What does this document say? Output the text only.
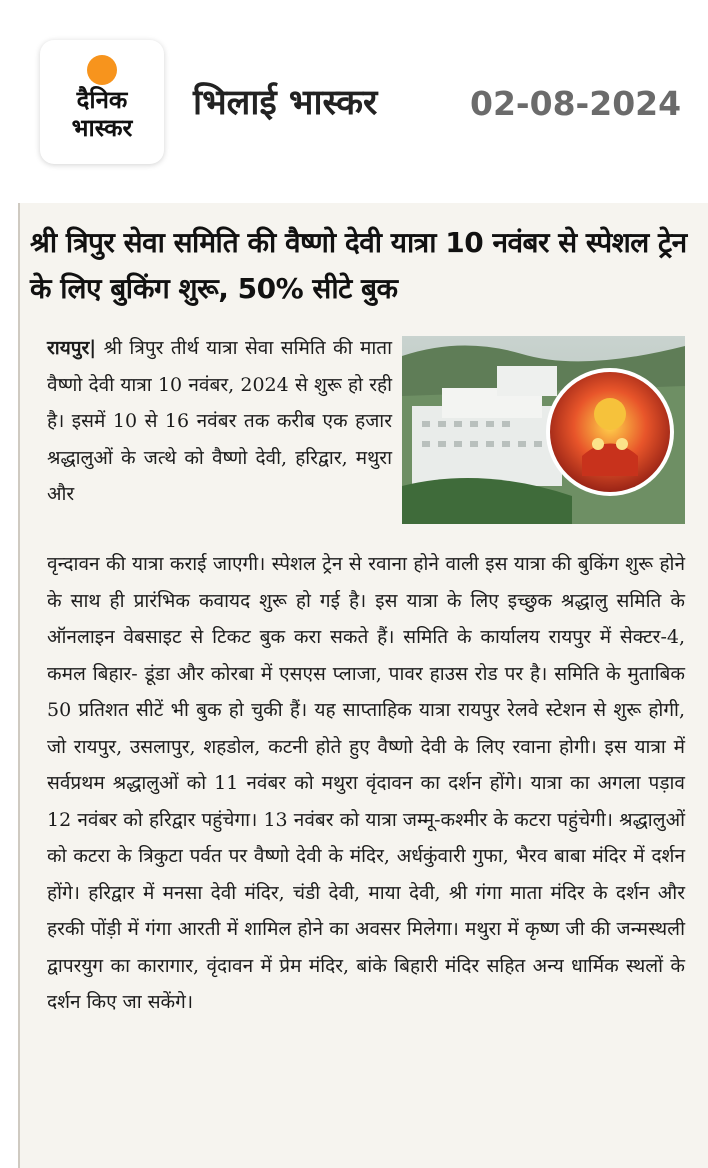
दैनिक
भास्कर
भिलाई भास्कर	02-08-2024
श्री त्रिपुर सेवा समिति की वैष्णो देवी यात्रा 10 नवंबर से स्पेशल ट्रेन के लिए बुकिंग शुरू, 50% सीटे बुक

रायपुर| श्री त्रिपुर तीर्थ यात्रा सेवा समिति की माता वैष्णो देवी यात्रा 10 नवंबर, 2024 से शुरू हो रही है। इसमें 10 से 16 नवंबर तक करीब एक हजार श्रद्धालुओं के जत्थे को वैष्णो देवी, हरिद्वार, मथुरा और

वृन्दावन की यात्रा कराई जाएगी। स्पेशल ट्रेन से रवाना होने वाली इस यात्रा की बुकिंग शुरू होने के साथ ही प्रारंभिक कवायद शुरू हो गई है। इस यात्रा के लिए इच्छुक श्रद्धालु समिति के ऑनलाइन वेबसाइट से टिकट बुक करा सकते हैं। समिति के कार्यालय रायपुर में सेक्टर-4, कमल बिहार- डूंडा और कोरबा में एसएस प्लाजा, पावर हाउस रोड पर है। समिति के मुताबिक 50 प्रतिशत सीटें भी बुक हो चुकी हैं। यह साप्ताहिक यात्रा रायपुर रेलवे स्टेशन से शुरू होगी, जो रायपुर, उसलापुर, शहडोल, कटनी होते हुए वैष्णो देवी के लिए रवाना होगी। इस यात्रा में सर्वप्रथम श्रद्धालुओं को 11 नवंबर को मथुरा वृंदावन का दर्शन होंगे। यात्रा का अगला पड़ाव 12 नवंबर को हरिद्वार पहुंचेगा। 13 नवंबर को यात्रा जम्मू-कश्मीर के कटरा पहुंचेगी। श्रद्धालुओं को कटरा के त्रिकुटा पर्वत पर वैष्णो देवी के मंदिर, अर्धकुंवारी गुफा, भैरव बाबा मंदिर में दर्शन होंगे। हरिद्वार में मनसा देवी मंदिर, चंडी देवी, माया देवी, श्री गंगा माता मंदिर के दर्शन और हरकी पोंड़ी में गंगा आरती में शामिल होने का अवसर मिलेगा। मथुरा में कृष्ण जी की जन्मस्थली द्वापरयुग का कारागार, वृंदावन में प्रेम मंदिर, बांके बिहारी मंदिर सहित अन्य धार्मिक स्थलों के दर्शन किए जा सकेंगे।
